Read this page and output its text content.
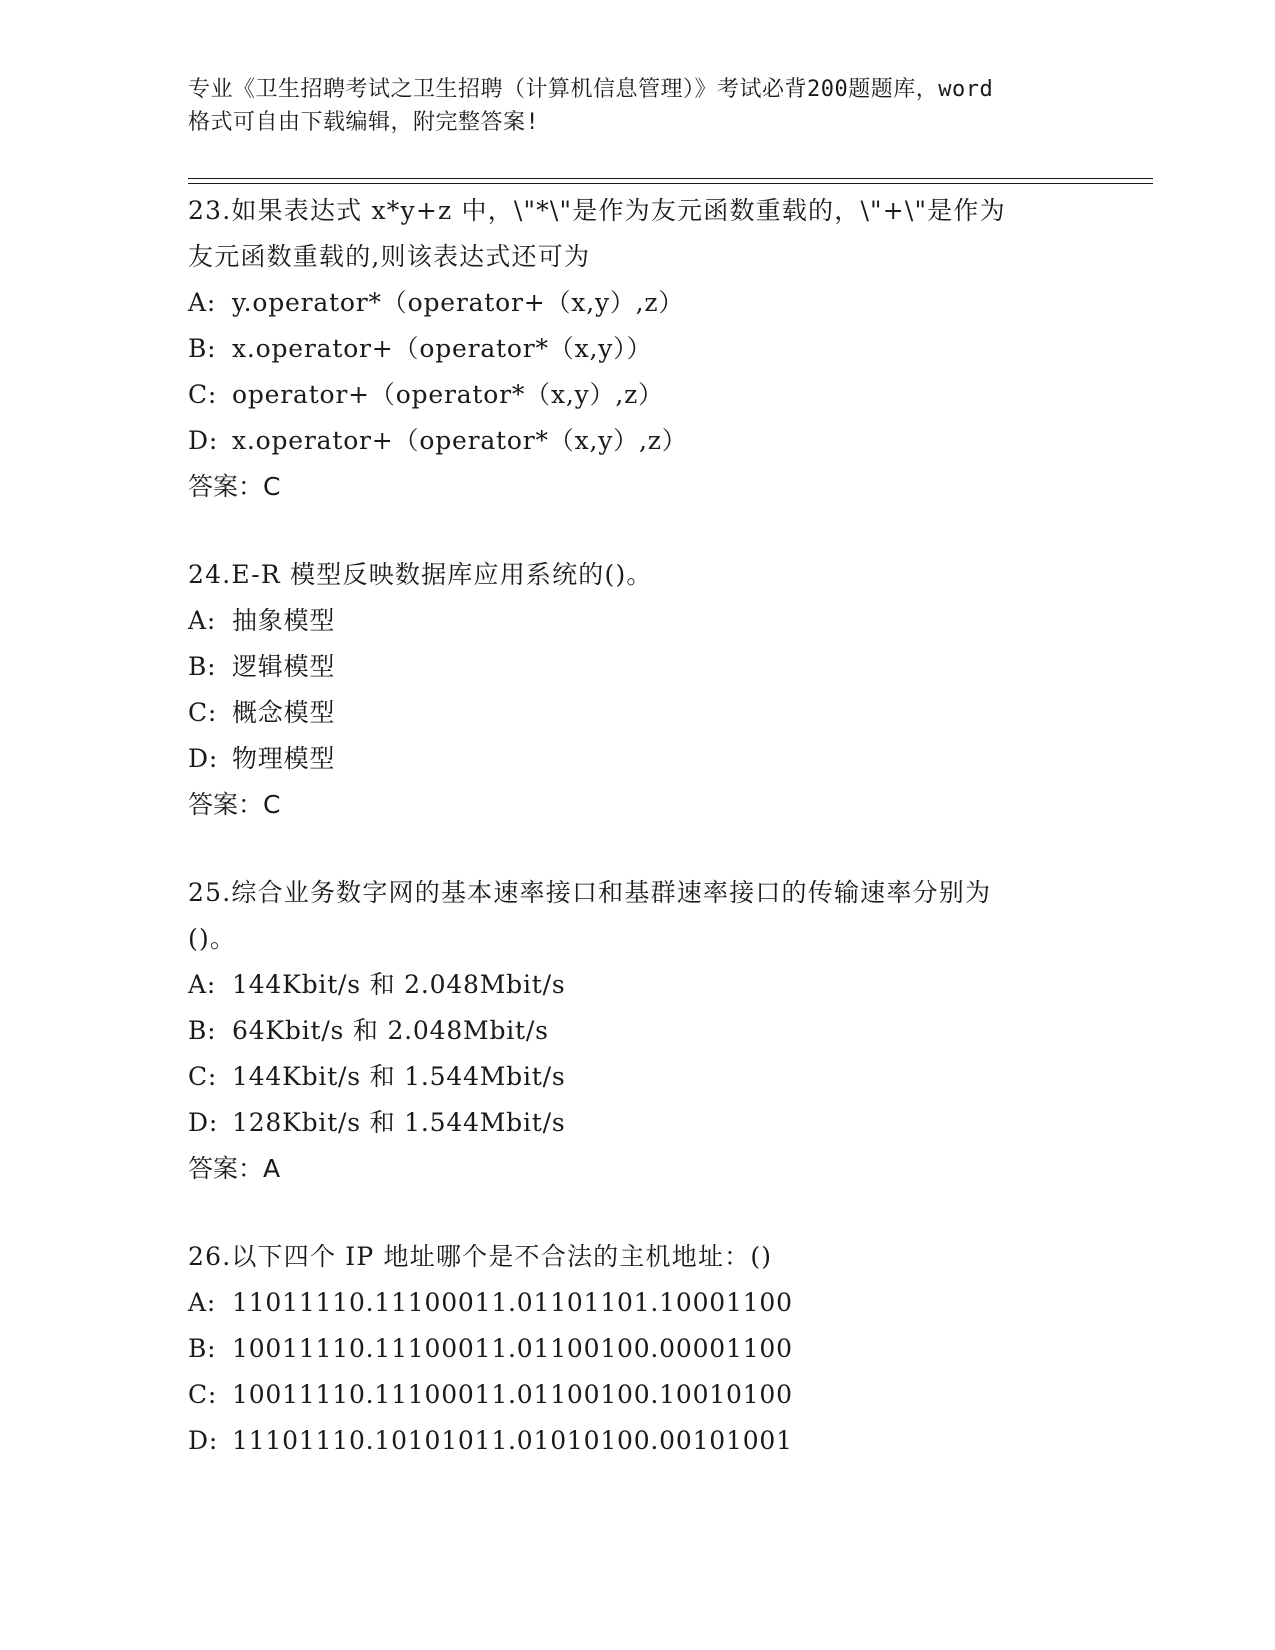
专业《卫生招聘考试之卫生招聘（计算机信息管理）》考试必背200题题库，word
格式可自由下载编辑，附完整答案!
23.如果表达式 x*y+z 中，\"*\"是作为友元函数重载的，\"+\"是作为
友元函数重载的,则该表达式还可为
A: y.operator*（operator+（x,y）,z）
B: x.operator+（operator*（x,y））
C: operator+（operator*（x,y）,z）
D: x.operator+（operator*（x,y）,z）
答案：C
24.E-R 模型反映数据库应用系统的()。
A: 抽象模型
B: 逻辑模型
C: 概念模型
D: 物理模型
答案：C
25.综合业务数字网的基本速率接口和基群速率接口的传输速率分别为
()。
A: 144Kbit/s 和 2.048Mbit/s
B: 64Kbit/s 和 2.048Mbit/s
C: 144Kbit/s 和 1.544Mbit/s
D: 128Kbit/s 和 1.544Mbit/s
答案：A
26.以下四个 IP 地址哪个是不合法的主机地址：()
A: 11011110.11100011.01101101.10001100
B: 10011110.11100011.01100100.00001100
C: 10011110.11100011.01100100.10010100
D: 11101110.10101011.01010100.00101001
